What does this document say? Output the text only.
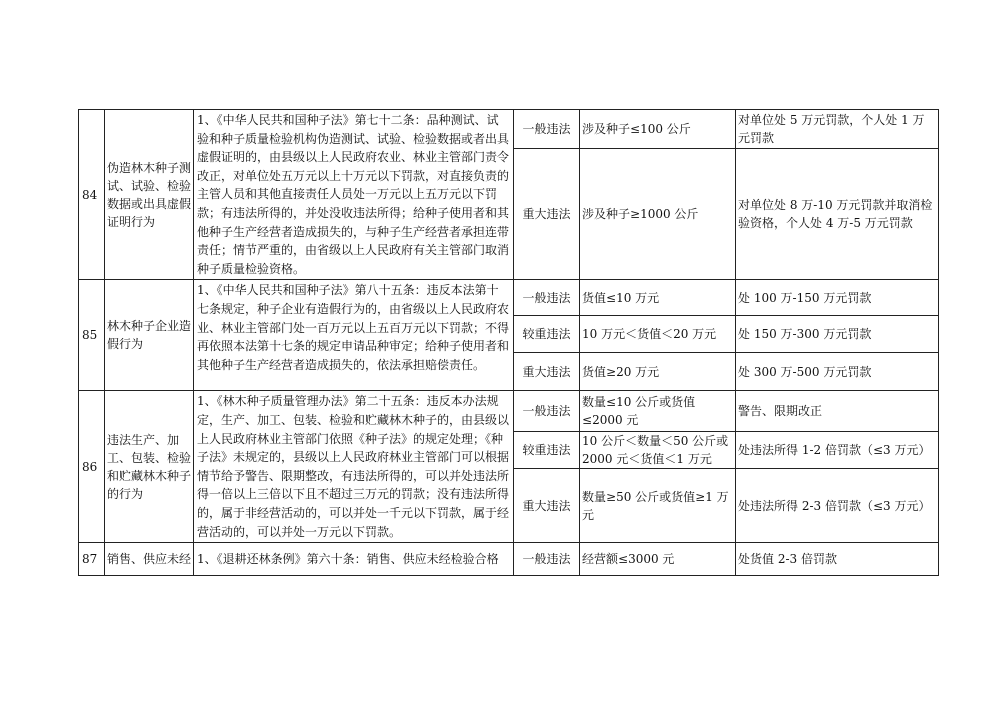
84	伪造林木种子测试、试验、检验数据或出具虚假证明行为	1、《中华人民共和国种子法》第七十二条：品种测试、试验和种子质量检验机构伪造测试、试验、检验数据或者出具虚假证明的，由县级以上人民政府农业、林业主管部门责令改正，对单位处五万元以上十万元以下罚款，对直接负责的主管人员和其他直接责任人员处一万元以上五万元以下罚款；有违法所得的，并处没收违法所得；给种子使用者和其他种子生产经营者造成损失的，与种子生产经营者承担连带责任；情节严重的，由省级以上人民政府有关主管部门取消种子质量检验资格。	一般违法	涉及种子≤100 公斤	对单位处 5 万元罚款，个人处 1 万元罚款
			重大违法	涉及种子≥1000 公斤	对单位处 8 万-10 万元罚款并取消检验资格，个人处 4 万-5 万元罚款
85	林木种子企业造假行为	1、《中华人民共和国种子法》第八十五条：违反本法第十七条规定，种子企业有造假行为的，由省级以上人民政府农业、林业主管部门处一百万元以上五百万元以下罚款；不得再依照本法第十七条的规定申请品种审定；给种子使用者和其他种子生产经营者造成损失的，依法承担赔偿责任。	一般违法	货值≤10 万元	处 100 万-150 万元罚款
			较重违法	10 万元＜货值＜20 万元	处 150 万-300 万元罚款
			重大违法	货值≥20 万元	处 300 万-500 万元罚款
86	违法生产、加工、包装、检验和贮藏林木种子的行为	1、《林木种子质量管理办法》第二十五条：违反本办法规定，生产、加工、包装、检验和贮藏林木种子的，由县级以上人民政府林业主管部门依照《种子法》的规定处理；《种子法》未规定的，县级以上人民政府林业主管部门可以根据情节给予警告、限期整改，有违法所得的，可以并处违法所得一倍以上三倍以下且不超过三万元的罚款；没有违法所得的，属于非经营活动的，可以并处一千元以下罚款，属于经营活动的，可以并处一万元以下罚款。	一般违法	数量≤10 公斤或货值≤2000 元	警告、限期改正
			较重违法	10 公斤＜数量＜50 公斤或2000 元＜货值＜1 万元	处违法所得 1-2 倍罚款（≤3 万元）
			重大违法	数量≥50 公斤或货值≥1 万元	处违法所得 2-3 倍罚款（≤3 万元）
87	销售、供应未经	1、《退耕还林条例》第六十条：销售、供应未经检验合格	一般违法	经营额≤3000 元	处货值 2-3 倍罚款
